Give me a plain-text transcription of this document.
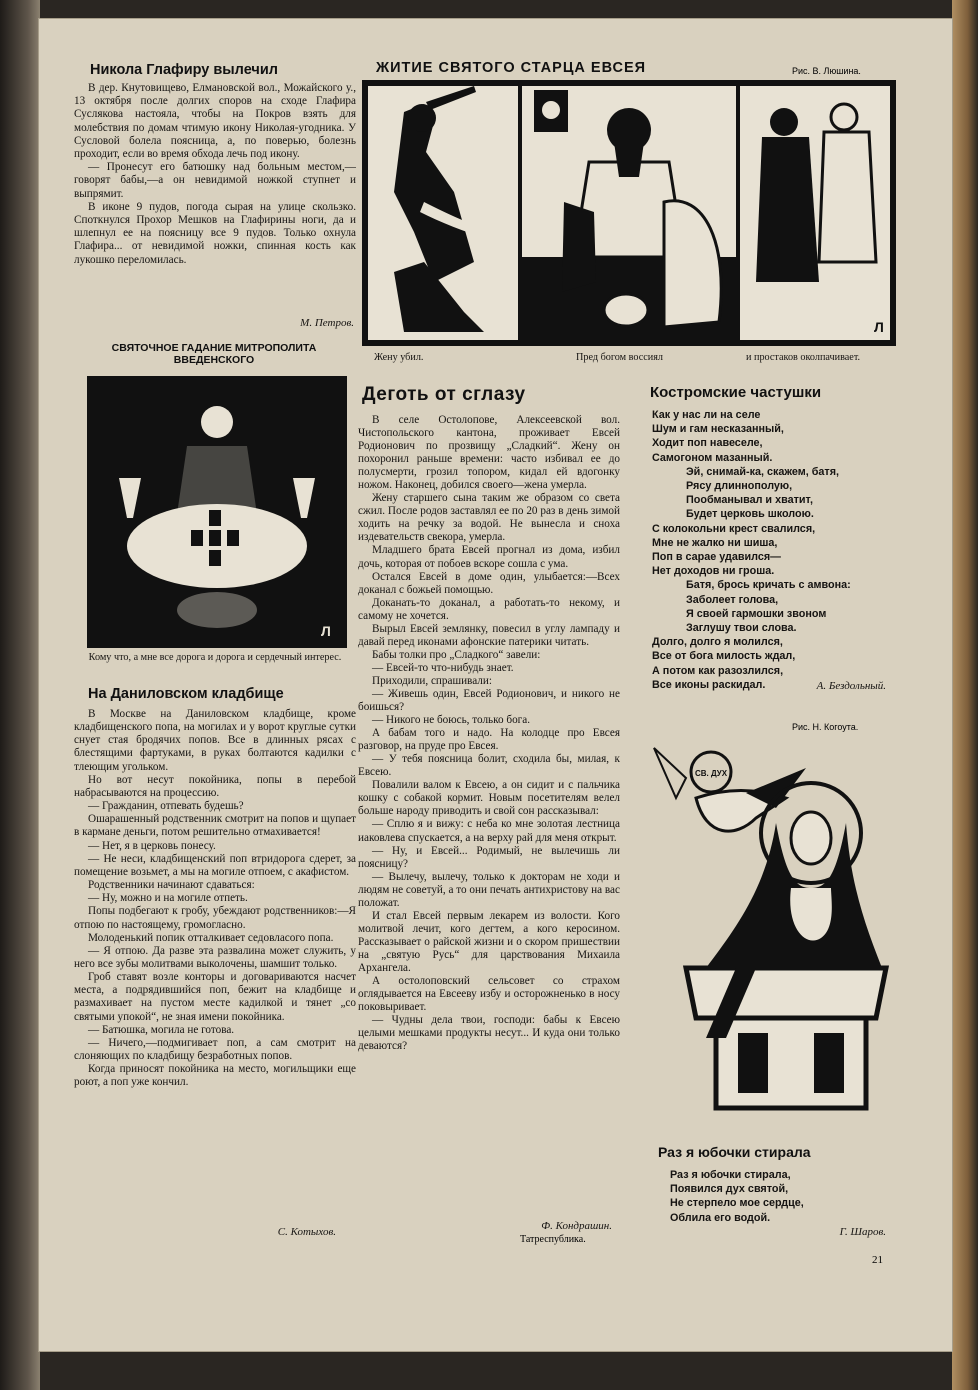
Никола Глафиру вылечил

В дер. Кнутовищево, Елмановской вол., Можайского у., 13 октября после долгих споров на сходе Глафира Суслякова настояла, чтобы на Покров взять для молебствия по домам чтимую икону Николая-угодника. У Сусловой болела поясница, а, по поверью, болезнь проходит, если во время обхода лечь под икону.

— Пронесут его батюшку над больным местом,—говорят бабы,—а он невидимой ножкой ступнет и выпрямит.

В иконе 9 пудов, погода сырая на улице скользко. Споткнулся Прохор Мешков на Глафирины ноги, да и шлепнул ее на поясницу все 9 пудов. Только охнула Глафира... от невидимой ножки, спинная кость как лукошко переломилась.

М. Петров.
ЖИТИЕ СВЯТОГО СТАРЦА ЕВСЕЯ	Рис. В. Люшина.
Л
Жену убил.	Пред богом воссиял	и простаков околпачивает.
СВЯТОЧНОЕ ГАДАНИЕ МИТРОПОЛИТА ВВЕДЕНСКОГО
Л
Кому что, а мне все дорога и дорога и сердечный интерес.
На Даниловском кладбище

В Москве на Даниловском кладбище, кроме кладбищенского попа, на могилах и у ворот круглые сутки снует стая бродячих попов. Все в длинных рясах с блестящими фартуками, в руках болтаются кадилки с тлеющим угольком.

Но вот несут покойника, попы в перебой набрасываются на процессию.

— Гражданин, отпевать будешь?

Ошарашенный родственник смотрит на попов и щупает в кармане деньги, потом решительно отмахивается!

— Нет, я в церковь понесу.

— Не неси, кладбищенский поп втридорога сдерет, за помещение возьмет, а мы на могиле отпоем, с акафистом.

Родственники начинают сдаваться:

— Ну, можно и на могиле отпеть.

Попы подбегают к гробу, убеждают родственников:—Я отпою по настоящему, громогласно.

Молоденький попик отталкивает седовласого попа.

— Я отпою. Да разве эта развалина может служить, у него все зубы молитвами выколочены, шамшит только.

Гроб ставят возле конторы и договариваются насчет места, а подрядившийся поп, бежит на кладбище и размахивает на пустом месте кадилкой и тянет „со святыми упокой“, не зная имени покойника.

— Батюшка, могила не готова.

— Ничего,—подмигивает поп, а сам смотрит на слоняющих по кладбищу безработных попов.

Когда приносят покойника на место, могильщики еще роют, а поп уже кончил.

С. Котыхов.
Деготь от сглазу

В селе Остолопове, Алексеевской вол. Чистопольского кантона, проживает Евсей Родионович по прозвищу „Сладкий“. Жену он похоронил раньше времени: часто избивал ее до полусмерти, грозил топором, кидал ей вдогонку ножом. Наконец, добился своего—жена умерла.

Жену старшего сына таким же образом со света сжил. После родов заставлял ее по 20 раз в день зимой ходить на речку за водой. Не вынесла и сноха издевательств свекора, умерла.

Младшего брата Евсей прогнал из дома, избил дочь, которая от побоев вскоре сошла с ума.

Остался Евсей в доме один, улыбается:—Всех доканал с божьей помощью.

Доканать-то доканал, а работать-то некому, и самому не хочется.

Вырыл Евсей землянку, повесил в углу лампаду и давай перед иконами афонские патерики читать.

Бабы толки про „Сладкого“ завели:

— Евсей-то что-нибудь знает.

Приходили, спрашивали:

— Живешь один, Евсей Родионович, и никого не боишься?

— Никого не боюсь, только бога.

А бабам того и надо. На колодце про Евсея разговор, на пруде про Евсея.

— У тебя поясница болит, сходила бы, милая, к Евсею.

Повалили валом к Евсею, а он сидит и с пальчика кошку с собакой кормит. Новым посетителям велел больше народу приводить и свой сон рассказывал:

— Сплю я и вижу: с неба ко мне золотая лестница иаковлева спускается, а на верху рай для меня открыт.

— Ну, и Евсей... Родимый, не вылечишь ли поясницу?

— Вылечу, вылечу, только к докторам не ходи и людям не советуй, а то они печать антихристову на вас положат.

И стал Евсей первым лекарем из волости. Кого молитвой лечит, кого дегтем, а кого керосином. Рассказывает о райской жизни и о скором пришествии на „святую Русь“ для царствования Михаила Архангела.

А остолоповский сельсовет со страхом оглядывается на Евсееву избу и осторожненько в носу поковыривает.

— Чудны дела твои, господи: бабы к Евсею целыми мешками продукты несут... И куда они только деваются?

Ф. Кондрашин.
Татреспублика.
Костромские частушки
Как у нас ли на селе
Шум и гам несказанный,
Ходит поп навеселе,
Самогоном мазанный.
Эй, снимай-ка, скажем, батя,
Рясу длиннополую,
Пообманывал и хватит,
Будет церковь школою.
С колокольни крест свалился,
Мне не жалко ни шиша,
Поп в сарае удавился—
Нет доходов ни гроша.
Батя, брось кричать с амвона:
Заболеет голова,
Я своей гармошки звоном
Заглушу твои слова.
Долго, долго я молился,
Все от бога милость ждал,
А потом как разозлился,
Все иконы раскидал.	А. Бездольный.
Рис. Н. Когоута.
СВ. ДУХ
Раз я юбочки стирала
Раз я юбочки стирала,
Появился дух святой,
Не стерпело мое сердце,
Облила его водой.
Г. Шаров.
21
